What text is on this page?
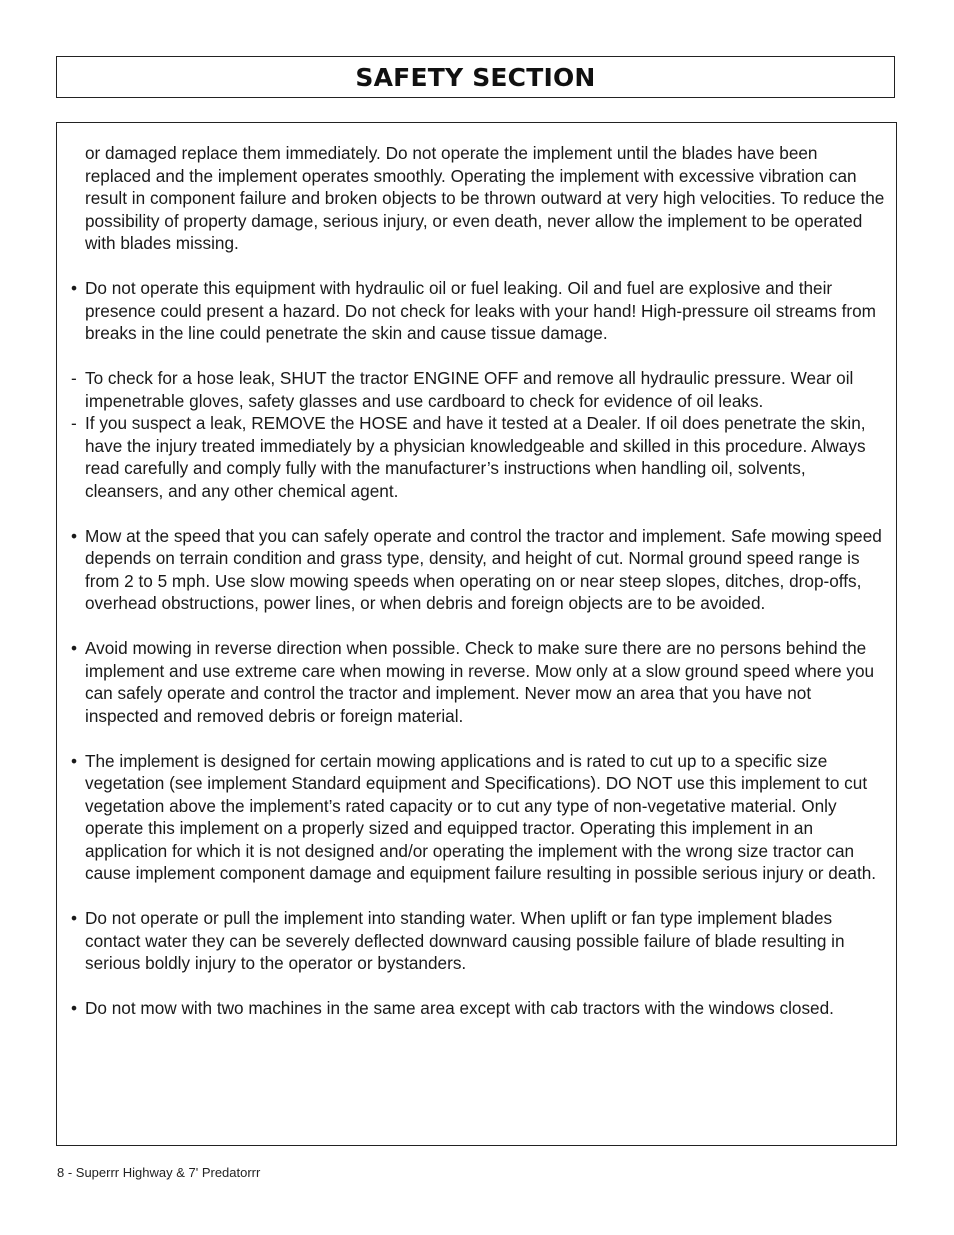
SAFETY SECTION

or damaged replace them immediately. Do not operate the implement until the blades have been replaced and the implement operates smoothly. Operating the implement with excessive vibration can result in component failure and broken objects to be thrown outward at very high velocities. To reduce the possibility of property damage, serious injury, or even death, never allow the implement to be operated with blades missing.

• Do not operate this equipment with hydraulic oil or fuel leaking. Oil and fuel are explosive and their presence could present a hazard. Do not check for leaks with your hand! High-pressure oil streams from breaks in the line could penetrate the skin and cause tissue damage.

- To check for a hose leak, SHUT the tractor ENGINE OFF and remove all hydraulic pressure. Wear oil impenetrable gloves, safety glasses and use cardboard to check for evidence of oil leaks.

- If you suspect a leak, REMOVE the HOSE and have it tested at a Dealer. If oil does penetrate the skin, have the injury treated immediately by a physician knowledgeable and skilled in this procedure. Always read carefully and comply fully with the manufacturer’s instructions when handling oil, solvents, cleansers, and any other chemical agent.

• Mow at the speed that you can safely operate and control the tractor and implement. Safe mowing speed depends on terrain condition and grass type, density, and height of cut. Normal ground speed range is from 2 to 5 mph. Use slow mowing speeds when operating on or near steep slopes, ditches, drop-offs, overhead obstructions, power lines, or when debris and foreign objects are to be avoided.

• Avoid mowing in reverse direction when possible. Check to make sure there are no persons behind the implement and use extreme care when mowing in reverse. Mow only at a slow ground speed where you can safely operate and control the tractor and implement. Never mow an area that you have not inspected and removed debris or foreign material.

• The implement is designed for certain mowing applications and is rated to cut up to a specific size vegetation (see implement Standard equipment and Specifications). DO NOT use this implement to cut vegetation above the implement’s rated capacity or to cut any type of non-vegetative material. Only operate this implement on a properly sized and equipped tractor. Operating this implement in an application for which it is not designed and/or operating the implement with the wrong size tractor can cause implement component damage and equipment failure resulting in possible serious injury or death.

• Do not operate or pull the implement into standing water. When uplift or fan type implement blades contact water they can be severely deflected downward causing possible failure of blade resulting in serious boldly injury to the operator or bystanders.

• Do not mow with two machines in the same area except with cab tractors with the windows closed.

8 - Superrr Highway & 7' Predatorrr
